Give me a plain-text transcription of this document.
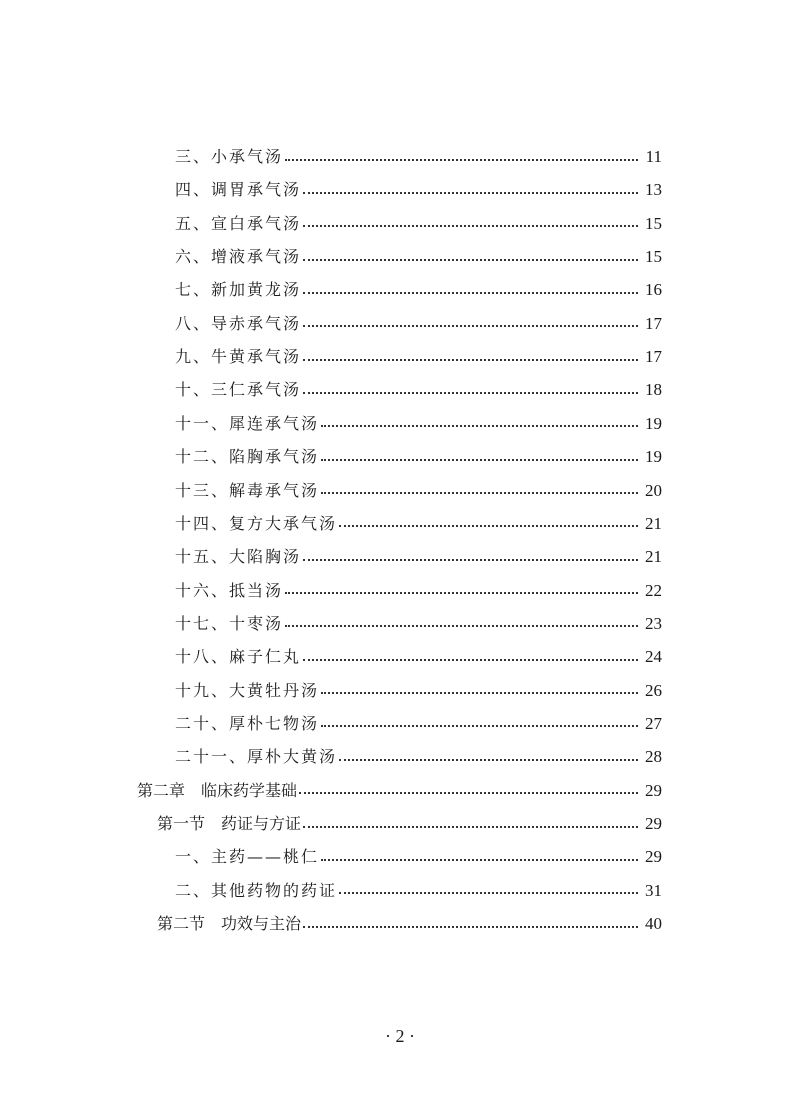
三、小承气汤	11
四、调胃承气汤	13
五、宣白承气汤	15
六、增液承气汤	15
七、新加黄龙汤	16
八、导赤承气汤	17
九、牛黄承气汤	17
十、三仁承气汤	18
十一、犀连承气汤	19
十二、陷胸承气汤	19
十三、解毒承气汤	20
十四、复方大承气汤	21
十五、大陷胸汤	21
十六、抵当汤	22
十七、十枣汤	23
十八、麻子仁丸	24
十九、大黄牡丹汤	26
二十、厚朴七物汤	27
二十一、厚朴大黄汤	28
第二章　临床药学基础	29
第一节　药证与方证	29
一、主药——桃仁	29
二、其他药物的药证	31
第二节　功效与主治	40
· 2 ·
